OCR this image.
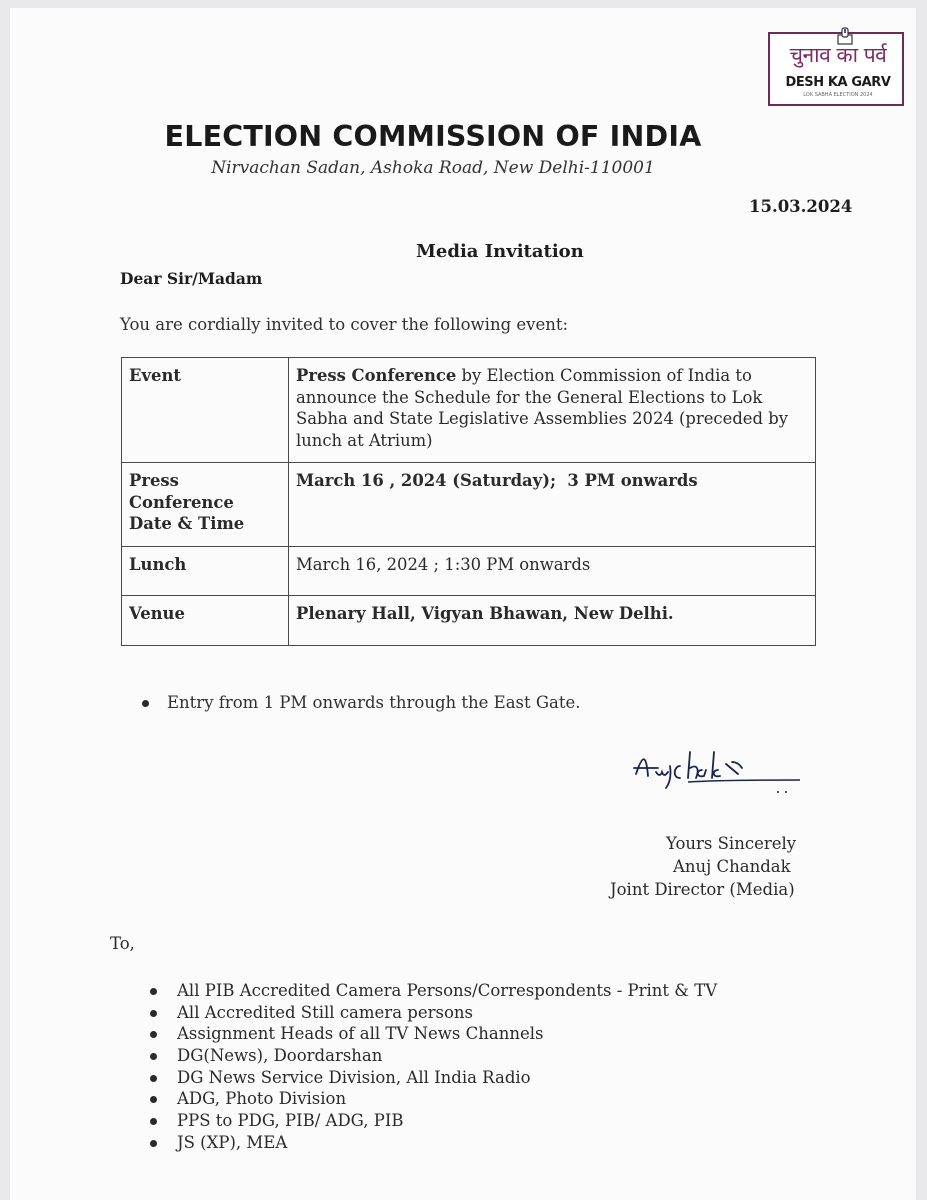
चुनाव का पर्व
DESH KA GARV
LOK SABHA ELECTION 2024
ELECTION COMMISSION OF INDIA
Nirvachan Sadan, Ashoka Road, New Delhi-110001
15.03.2024
Media Invitation
Dear Sir/Madam
You are cordially invited to cover the following event:
Event	Press Conference by Election Commission of India to announce the Schedule for the General Elections to Lok Sabha and State Legislative Assemblies 2024 (preceded by lunch at Atrium)

Press
Conference
Date & Time	March 16 , 2024 (Saturday);  3 PM onwards
Lunch	March 16, 2024 ; 1:30 PM onwards
Venue	Plenary Hall, Vigyan Bhawan, New Delhi.
Entry from 1 PM onwards through the East Gate.
Yours Sincerely
Anuj Chandak
Joint Director (Media)
To,
All PIB Accredited Camera Persons/Correspondents - Print & TV
All Accredited Still camera persons
Assignment Heads of all TV News Channels
DG(News), Doordarshan
DG News Service Division, All India Radio
ADG, Photo Division
PPS to PDG, PIB/ ADG, PIB
JS (XP), MEA
